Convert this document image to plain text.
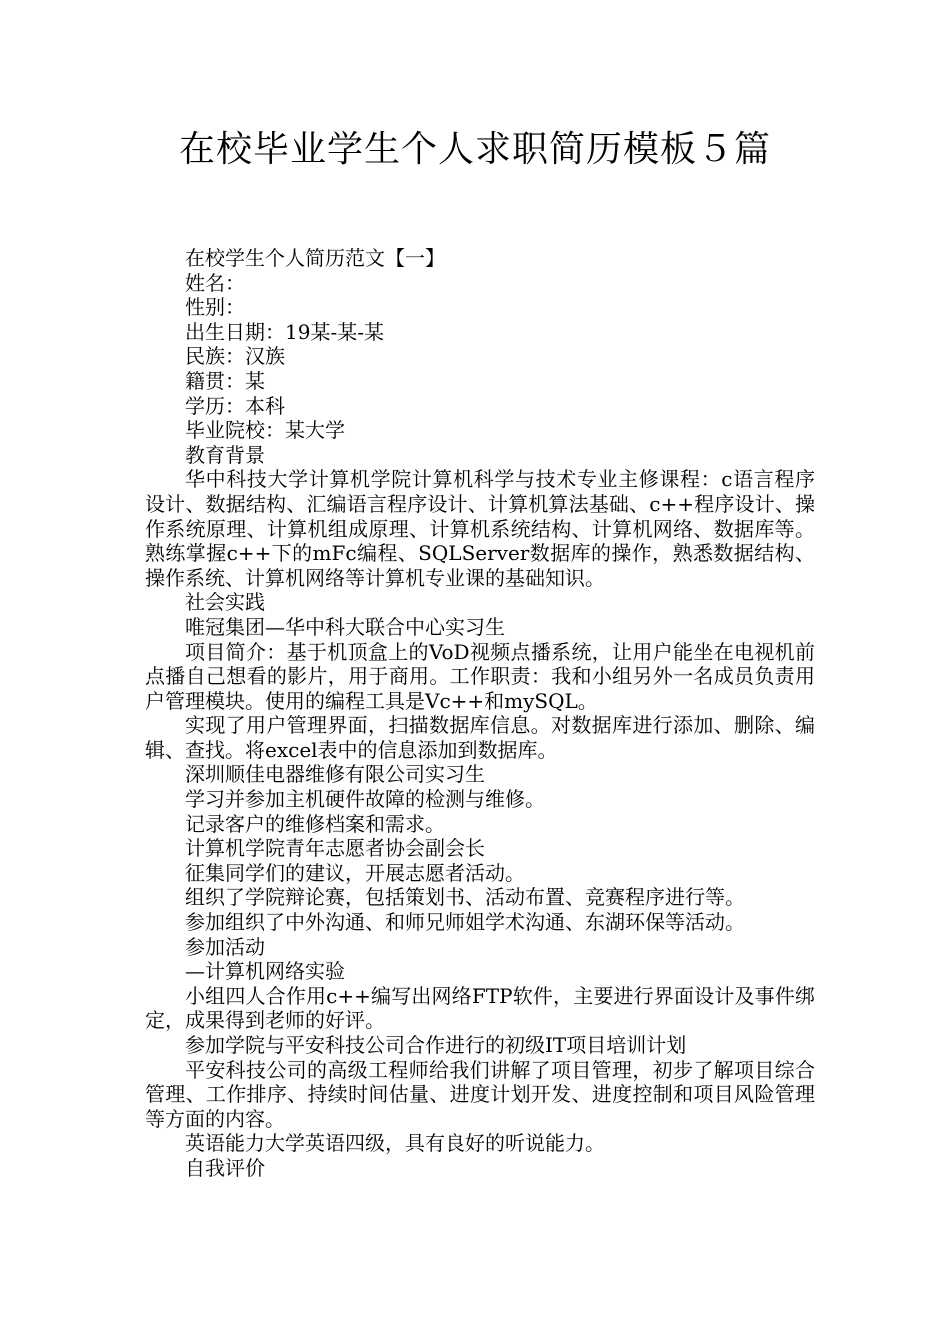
在校毕业学生个人求职简历模板５篇

在校学生个人简历范文【一】

姓名：

性别：

出生日期：19某-某-某

民族：汉族

籍贯：某

学历：本科

毕业院校：某大学

教育背景

华中科技大学计算机学院计算机科学与技术专业主修课程：c语言程序设计、数据结构、汇编语言程序设计、计算机算法基础、c++程序设计、操作系统原理、计算机组成原理、计算机系统结构、计算机网络、数据库等。熟练掌握c++下的mFc编程、SQLServer数据库的操作，熟悉数据结构、操作系统、计算机网络等计算机专业课的基础知识。

社会实践

唯冠集团—华中科大联合中心实习生

项目简介：基于机顶盒上的VoD视频点播系统，让用户能坐在电视机前点播自己想看的影片，用于商用。工作职责：我和小组另外一名成员负责用户管理模块。使用的编程工具是Vc++和mySQL。

实现了用户管理界面，扫描数据库信息。对数据库进行添加、删除、编辑、查找。将excel表中的信息添加到数据库。

深圳顺佳电器维修有限公司实习生

学习并参加主机硬件故障的检测与维修。

记录客户的维修档案和需求。

计算机学院青年志愿者协会副会长

征集同学们的建议，开展志愿者活动。

组织了学院辩论赛，包括策划书、活动布置、竞赛程序进行等。

参加组织了中外沟通、和师兄师姐学术沟通、东湖环保等活动。

参加活动

—计算机网络实验

小组四人合作用c++编写出网络FTP软件，主要进行界面设计及事件绑定，成果得到老师的好评。

参加学院与平安科技公司合作进行的初级IT项目培训计划

平安科技公司的高级工程师给我们讲解了项目管理，初步了解项目综合管理、工作排序、持续时间估量、进度计划开发、进度控制和项目风险管理等方面的内容。

英语能力大学英语四级，具有良好的听说能力。

自我评价
